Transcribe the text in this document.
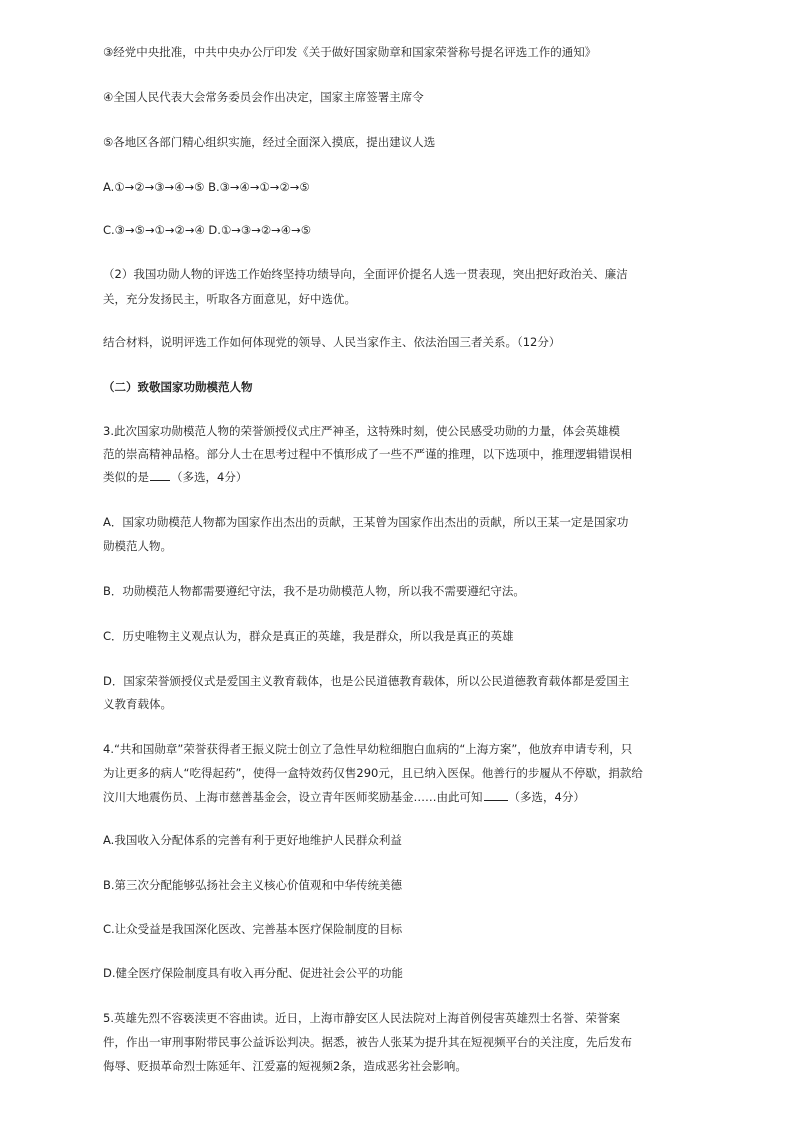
③经党中央批准，中共中央办公厅印发《关于做好国家勋章和国家荣誉称号提名评选工作的通知》
④全国人民代表大会常务委员会作出决定，国家主席签署主席令
⑤各地区各部门精心组织实施，经过全面深入摸底，提出建议人选
A.①→②→③→④→⑤ B.③→④→①→②→⑤
C.③→⑤→①→②→④ D.①→③→②→④→⑤
（2）我国功勋人物的评选工作始终坚持功绩导向，全面评价提名人选一贯表现，突出把好政治关、廉洁
关，充分发扬民主，听取各方面意见，好中选优。
结合材料，说明评选工作如何体现党的领导、人民当家作主、依法治国三者关系。（12分）
（二）致敬国家功勋模范人物
3.此次国家功勋模范人物的荣誉颁授仪式庄严神圣，这特殊时刻，使公民感受功勋的力量，体会英雄模
范的崇高精神品格。部分人士在思考过程中不慎形成了一些不严谨的推理，以下选项中，推理逻辑错误相
类似的是 （多选，4分）
A．国家功勋模范人物都为国家作出杰出的贡献，王某曾为国家作出杰出的贡献，所以王某一定是国家功
勋模范人物。
B．功勋模范人物都需要遵纪守法，我不是功勋模范人物，所以我不需要遵纪守法。
C．历史唯物主义观点认为，群众是真正的英雄，我是群众，所以我是真正的英雄
D．国家荣誉颁授仪式是爱国主义教育载体，也是公民道德教育载体，所以公民道德教育载体都是爱国主
义教育载体。
4.“共和国勋章”荣誉获得者王振义院士创立了急性早幼粒细胞白血病的“上海方案”，他放弃申请专利，只
为让更多的病人“吃得起药”，使得一盒特效药仅售290元，且已纳入医保。他善行的步履从不停歇，捐款给
汶川大地震伤员、上海市慈善基金会，设立青年医师奖励基金……由此可知 （多选，4分）
A.我国收入分配体系的完善有利于更好地维护人民群众利益
B.第三次分配能够弘扬社会主义核心价值观和中华传统美德
C.让众受益是我国深化医改、完善基本医疗保险制度的目标
D.健全医疗保险制度具有收入再分配、促进社会公平的功能
5.英雄先烈不容亵渎更不容曲读。近日，上海市静安区人民法院对上海首例侵害英雄烈士名誉、荣誉案
件，作出一审刑事附带民事公益诉讼判决。据悉，被告人张某为提升其在短视频平台的关注度，先后发布
侮辱、贬损革命烈士陈延年、江爱嘉的短视频2条，造成恶劣社会影响。
